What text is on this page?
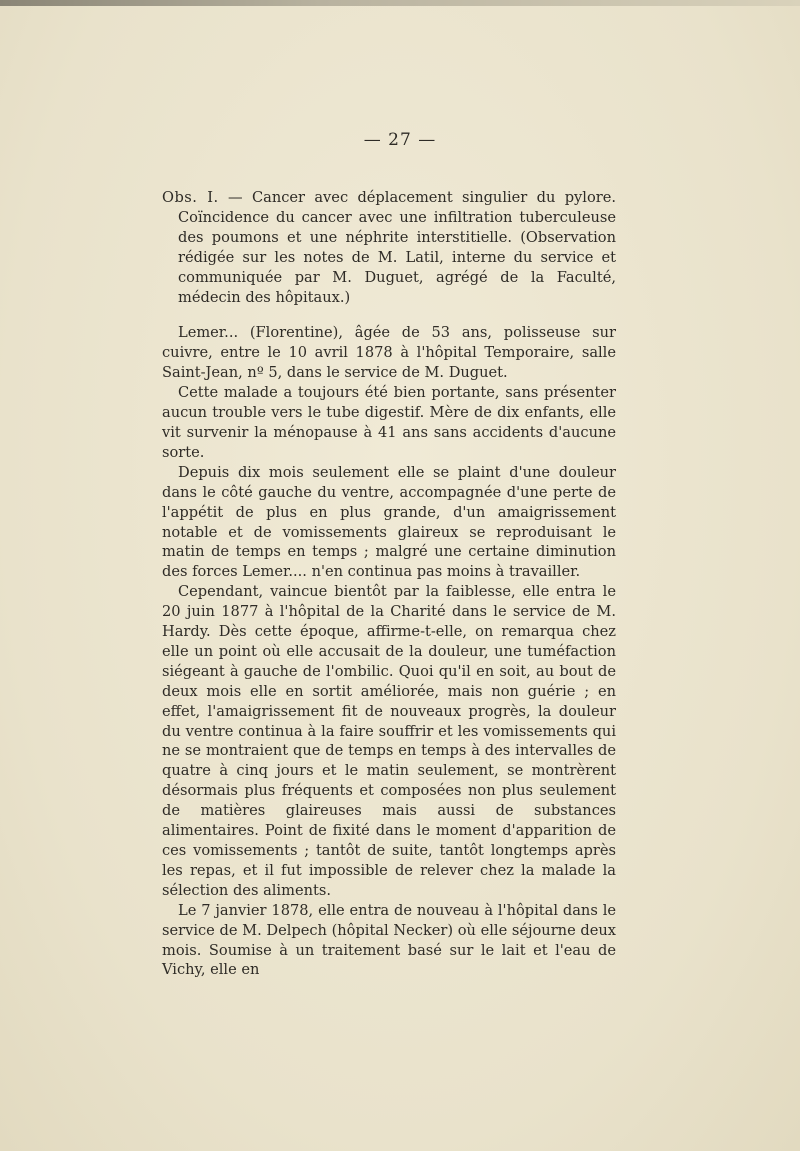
— 27 —

Obs. I. — Cancer avec déplacement singulier du pylore. Coïncidence du cancer avec une infiltration tuberculeuse des poumons et une néphrite interstitielle. (Observation rédigée sur les notes de M. Latil, interne du service et communiquée par M. Duguet, agrégé de la Faculté, médecin des hôpitaux.)

Lemer... (Florentine), âgée de 53 ans, polisseuse sur cuivre, entre le 10 avril 1878 à l'hôpital Temporaire, salle Saint-Jean, nº 5, dans le service de M. Duguet.

Cette malade a toujours été bien portante, sans présenter aucun trouble vers le tube digestif. Mère de dix enfants, elle vit survenir la ménopause à 41 ans sans accidents d'aucune sorte.

Depuis dix mois seulement elle se plaint d'une douleur dans le côté gauche du ventre, accompagnée d'une perte de l'appétit de plus en plus grande, d'un amaigrissement notable et de vomissements glaireux se reproduisant le matin de temps en temps ; malgré une certaine diminution des forces Lemer.... n'en continua pas moins à travailler.

Cependant, vaincue bientôt par la faiblesse, elle entra le 20 juin 1877 à l'hôpital de la Charité dans le service de M. Hardy. Dès cette époque, affirme-t-elle, on remarqua chez elle un point où elle accusait de la douleur, une tuméfaction siégeant à gauche de l'ombilic. Quoi qu'il en soit, au bout de deux mois elle en sortit améliorée, mais non guérie ; en effet, l'amaigrissement fit de nouveaux progrès, la douleur du ventre continua à la faire souffrir et les vomissements qui ne se montraient que de temps en temps à des intervalles de quatre à cinq jours et le matin seulement, se montrèrent désormais plus fréquents et composées non plus seulement de matières glaireuses mais aussi de substances alimentaires. Point de fixité dans le moment d'apparition de ces vomissements ; tantôt de suite, tantôt longtemps après les repas, et il fut impossible de relever chez la malade la sélection des aliments.

Le 7 janvier 1878, elle entra de nouveau à l'hôpital dans le service de M. Delpech (hôpital Necker) où elle séjourne deux mois. Soumise à un traitement basé sur le lait et l'eau de Vichy, elle en
